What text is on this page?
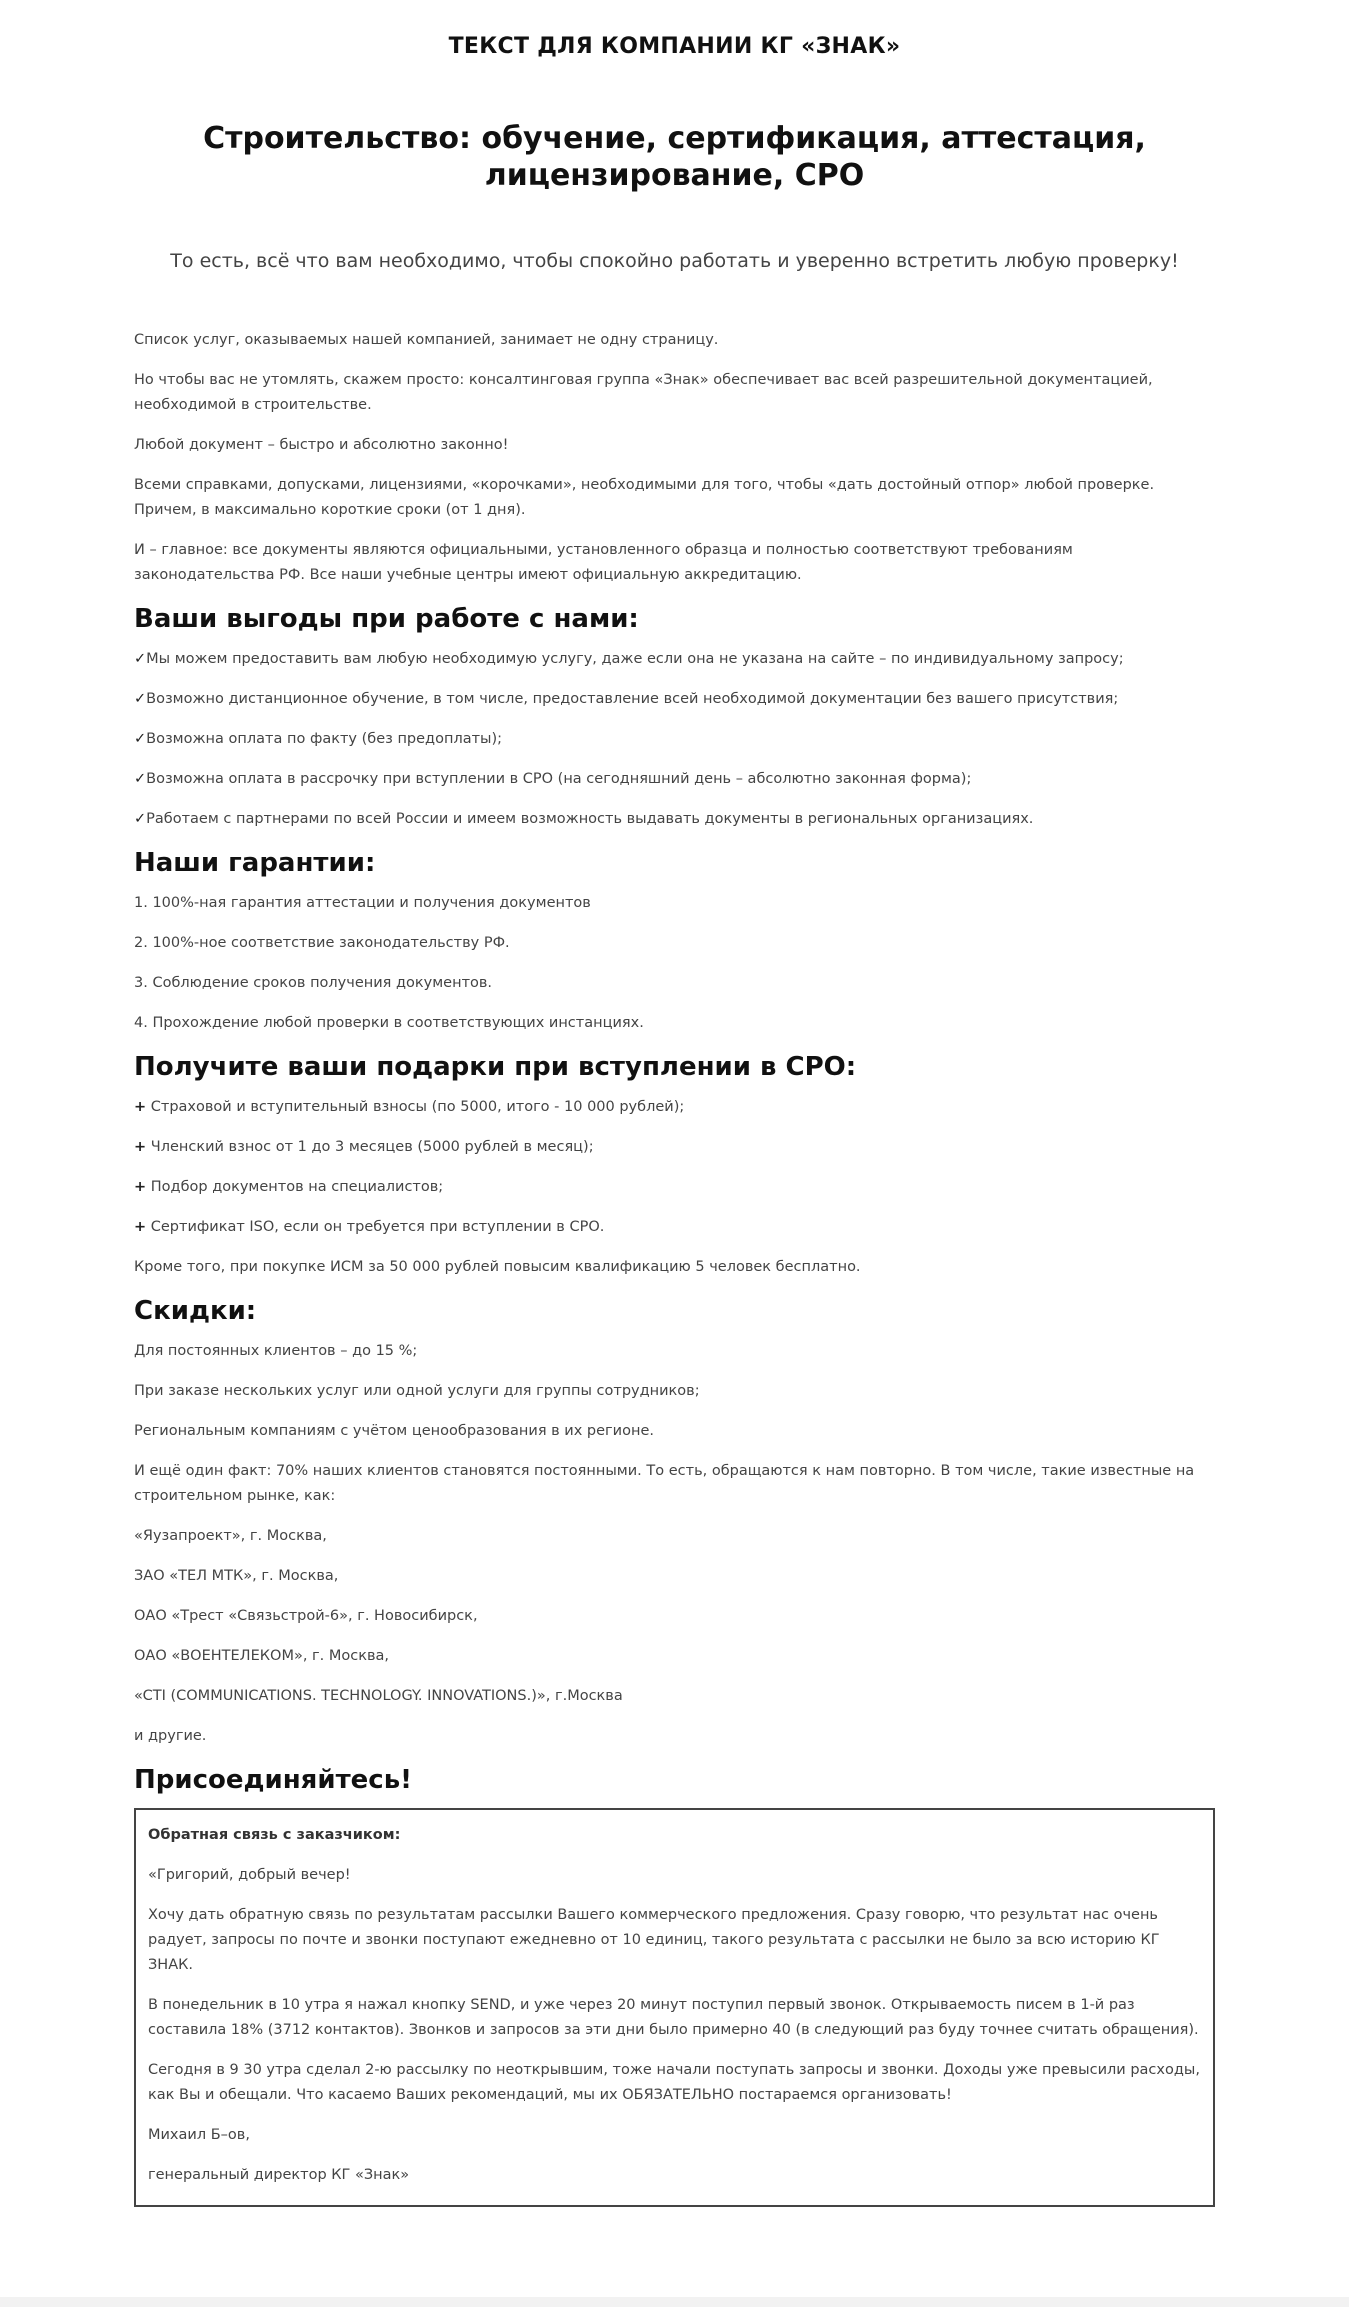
ТЕКСТ ДЛЯ КОМПАНИИ КГ «ЗНАК»
Строительство: обучение, сертификация, аттестация, лицензирование, СРО

То есть, всё что вам необходимо, чтобы спокойно работать и уверенно встретить любую проверку!

Список услуг, оказываемых нашей компанией, занимает не одну страницу.

Но чтобы вас не утомлять, скажем просто: консалтинговая группа «Знак» обеспечивает вас всей разрешительной документацией, необходимой в строительстве.

Любой документ – быстро и абсолютно законно!

Всеми справками, допусками, лицензиями, «корочками», необходимыми для того, чтобы «дать достойный отпор» любой проверке. Причем, в максимально короткие сроки (от 1 дня).

И – главное: все документы являются официальными, установленного образца и полностью соответствуют требованиям законодательства РФ. Все наши учебные центры имеют официальную аккредитацию.

Ваши выгоды при работе с нами:
✓Мы можем предоставить вам любую необходимую услугу, даже если она не указана на сайте – по индивидуальному запросу;
✓Возможно дистанционное обучение, в том числе, предоставление всей необходимой документации без вашего присутствия;
✓Возможна оплата по факту (без предоплаты);
✓Возможна оплата в рассрочку при вступлении в СРО (на сегодняшний день – абсолютно законная форма);
✓Работаем с партнерами по всей России и имеем возможность выдавать документы в региональных организациях.
Наши гарантии:

1. 100%-ная гарантия аттестации и получения документов

2. 100%-ное соответствие законодательству РФ.

3. Соблюдение сроков получения документов.

4. Прохождение любой проверки в соответствующих инстанциях.

Получите ваши подарки при вступлении в СРО:
+ Страховой и вступительный взносы (по 5000, итого - 10 000 рублей);
+ Членский взнос от 1 до 3 месяцев (5000 рублей в месяц);
+ Подбор документов на специалистов;
+ Сертификат ISO, если он требуется при вступлении в СРО.

Кроме того, при покупке ИСМ за 50 000 рублей повысим квалификацию 5 человек бесплатно.

Скидки:

Для постоянных клиентов – до 15 %;

При заказе нескольких услуг или одной услуги для группы сотрудников;

Региональным компаниям с учётом ценообразования в их регионе.

И ещё один факт: 70% наших клиентов становятся постоянными. То есть, обращаются к нам повторно. В том числе, такие известные на строительном рынке, как:

«Яузапроект», г. Москва,

ЗАО «ТЕЛ МТК», г. Москва,

ОАО «Трест «Связьстрой-6», г. Новосибирск,

ОАО «ВОЕНТЕЛЕКОМ», г. Москва,

«CTI (COMMUNICATIONS. TECHNOLOGY. INNOVATIONS.)», г.Москва

и другие.

Присоединяйтесь!

Обратная связь с заказчиком:

«Григорий, добрый вечер!

Хочу дать обратную связь по результатам рассылки Вашего коммерческого предложения. Сразу говорю, что результат нас очень радует, запросы по почте и звонки поступают ежедневно от 10 единиц, такого результата с рассылки не было за всю историю КГ ЗНАК.

В понедельник в 10 утра я нажал кнопку SEND, и уже через 20 минут поступил первый звонок. Открываемость писем в 1-й раз составила 18% (3712 контактов). Звонков и запросов за эти дни было примерно 40 (в следующий раз буду точнее считать обращения).

Сегодня в 9 30 утра сделал 2-ю рассылку по неоткрывшим, тоже начали поступать запросы и звонки. Доходы уже превысили расходы, как Вы и обещали. Что касаемо Ваших рекомендаций, мы их ОБЯЗАТЕЛЬНО постараемся организовать!

Михаил Б–ов,

генеральный директор КГ «Знак»
